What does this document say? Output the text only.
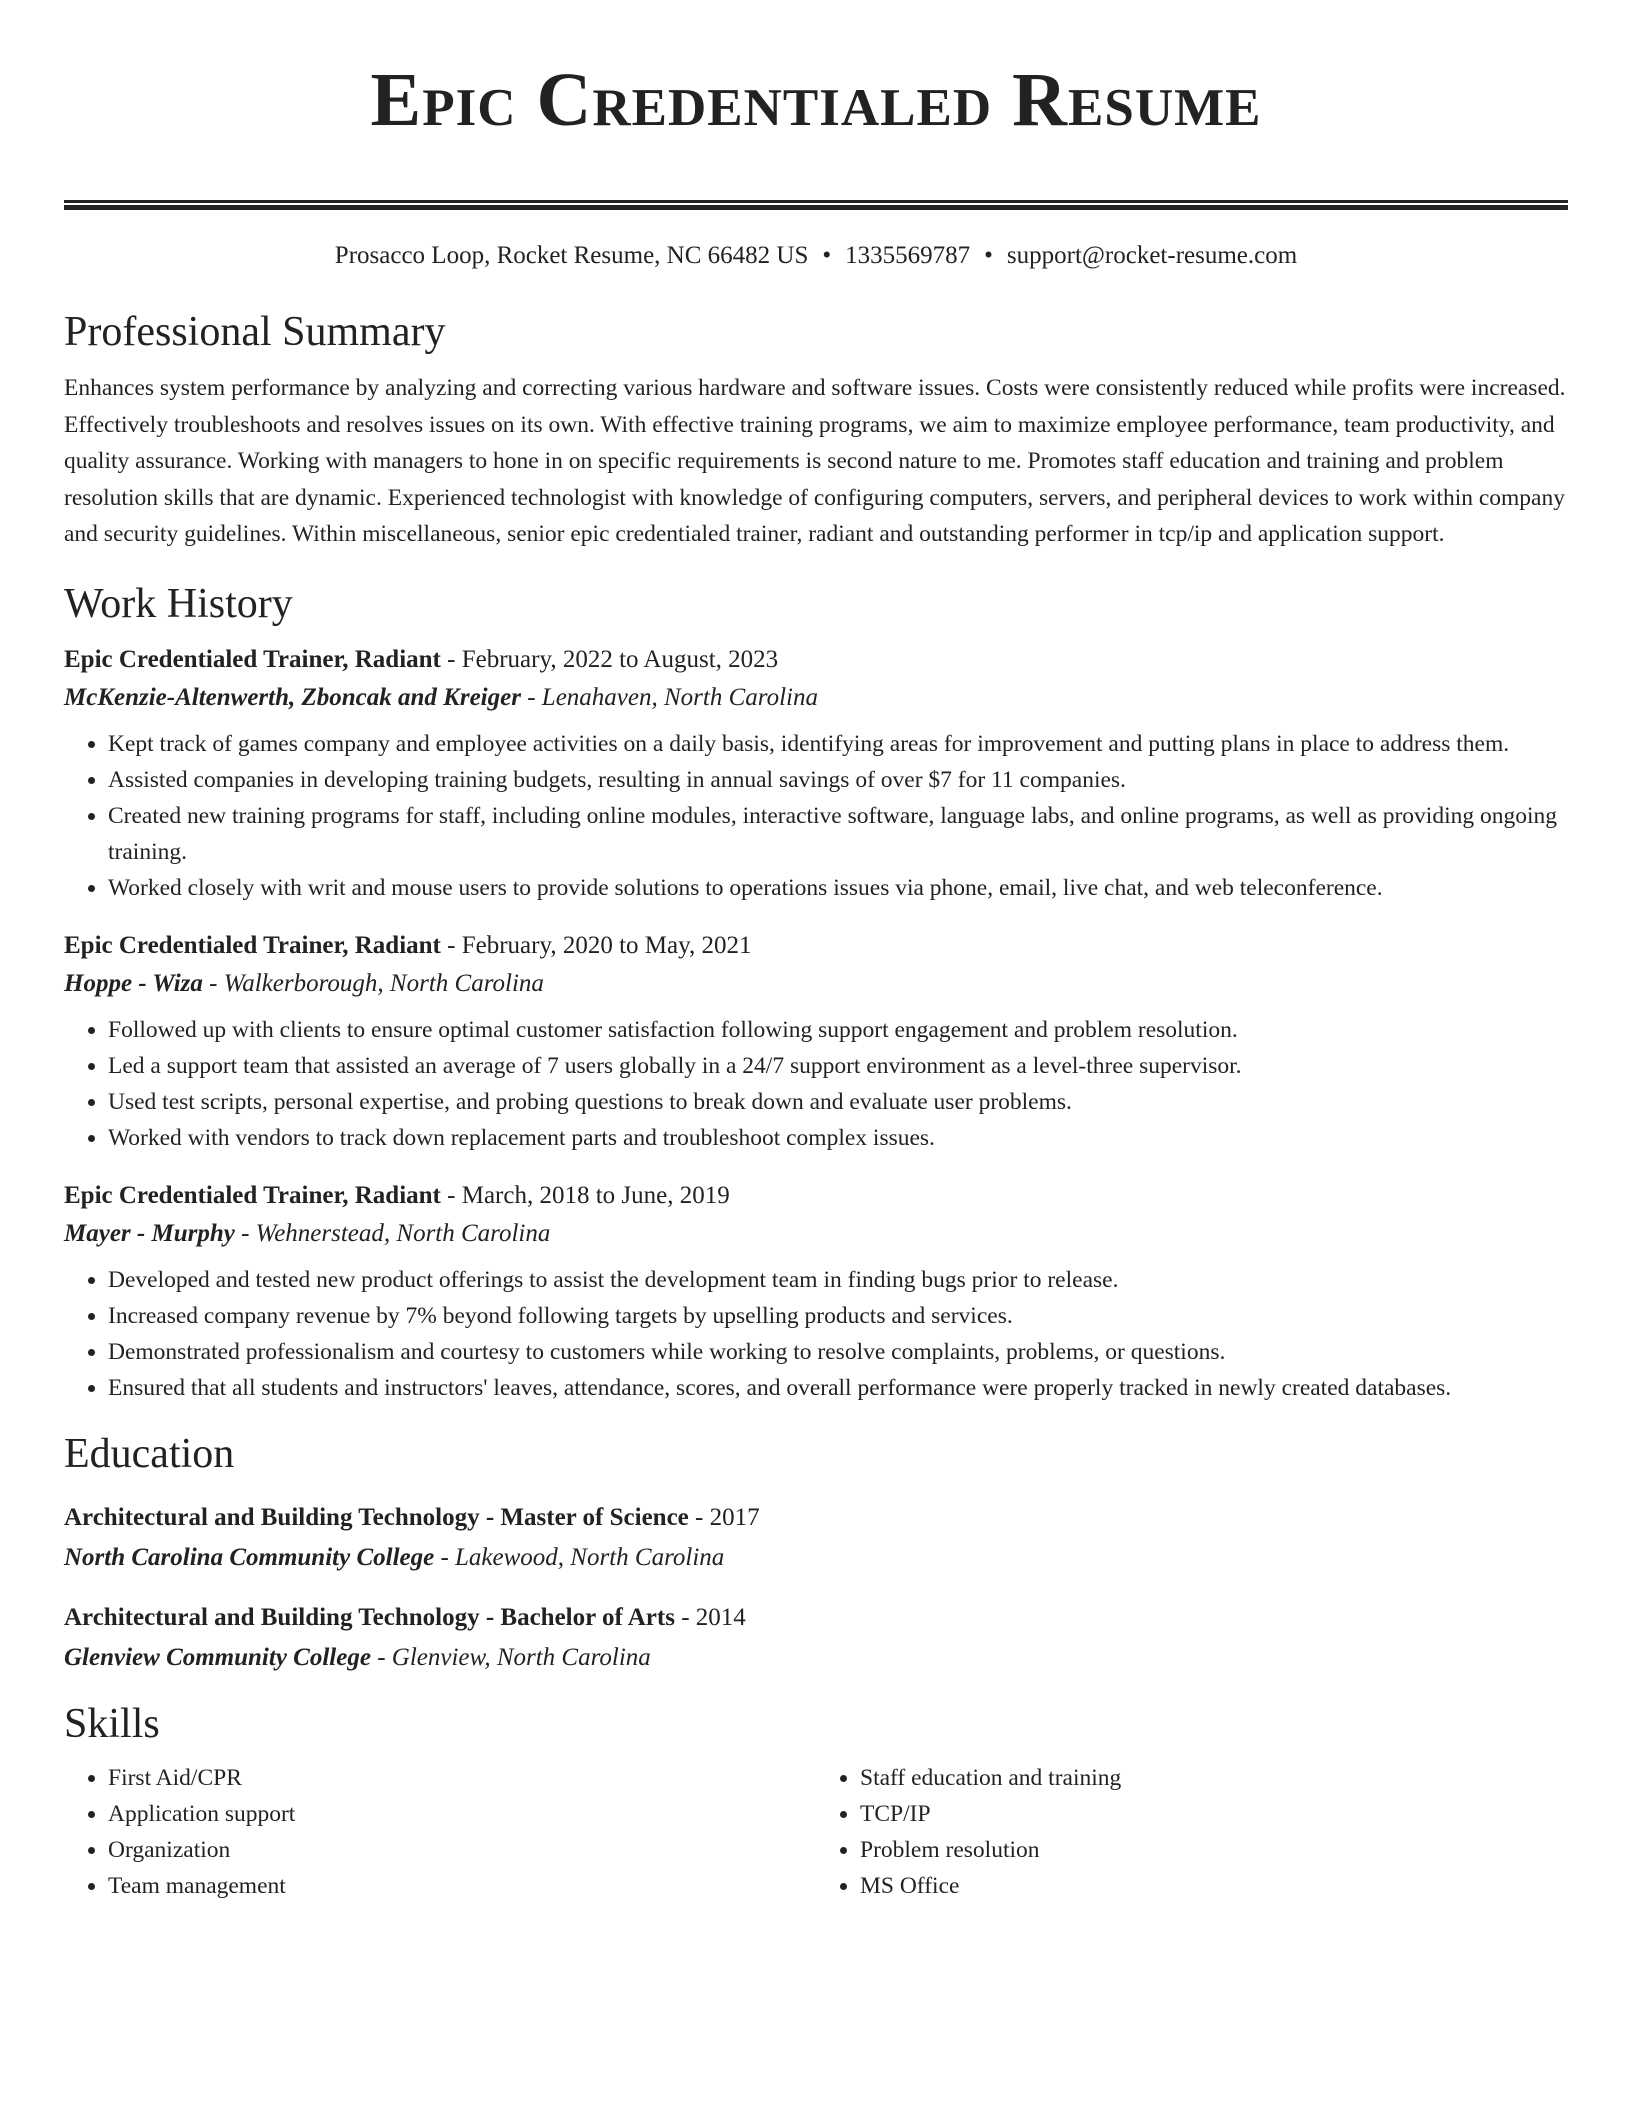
Epic Credentialed Resume
Prosacco Loop, Rocket Resume, NC 66482 US • 1335569787 • support@rocket-resume.com
Professional Summary
Enhances system performance by analyzing and correcting various hardware and software issues. Costs were consistently reduced while profits were increased. Effectively troubleshoots and resolves issues on its own. With effective training programs, we aim to maximize employee performance, team productivity, and quality assurance. Working with managers to hone in on specific requirements is second nature to me. Promotes staff education and training and problem resolution skills that are dynamic. Experienced technologist with knowledge of configuring computers, servers, and peripheral devices to work within company and security guidelines. Within miscellaneous, senior epic credentialed trainer, radiant and outstanding performer in tcp/ip and application support.
Work History
Epic Credentialed Trainer, Radiant - February, 2022 to August, 2023
McKenzie-Altenwerth, Zboncak and Kreiger - Lenahaven, North Carolina
• Kept track of games company and employee activities on a daily basis, identifying areas for improvement and putting plans in place to address them.
• Assisted companies in developing training budgets, resulting in annual savings of over $7 for 11 companies.
• Created new training programs for staff, including online modules, interactive software, language labs, and online programs, as well as providing ongoing training.
• Worked closely with writ and mouse users to provide solutions to operations issues via phone, email, live chat, and web teleconference.
Epic Credentialed Trainer, Radiant - February, 2020 to May, 2021
Hoppe - Wiza - Walkerborough, North Carolina
• Followed up with clients to ensure optimal customer satisfaction following support engagement and problem resolution.
• Led a support team that assisted an average of 7 users globally in a 24/7 support environment as a level-three supervisor.
• Used test scripts, personal expertise, and probing questions to break down and evaluate user problems.
• Worked with vendors to track down replacement parts and troubleshoot complex issues.
Epic Credentialed Trainer, Radiant - March, 2018 to June, 2019
Mayer - Murphy - Wehnerstead, North Carolina
• Developed and tested new product offerings to assist the development team in finding bugs prior to release.
• Increased company revenue by 7% beyond following targets by upselling products and services.
• Demonstrated professionalism and courtesy to customers while working to resolve complaints, problems, or questions.
• Ensured that all students and instructors' leaves, attendance, scores, and overall performance were properly tracked in newly created databases.
Education
Architectural and Building Technology - Master of Science - 2017
North Carolina Community College - Lakewood, North Carolina
Architectural and Building Technology - Bachelor of Arts - 2014
Glenview Community College - Glenview, North Carolina
Skills
• First Aid/CPR
• Application support
• Organization
• Team management
• Staff education and training
• TCP/IP
• Problem resolution
• MS Office
